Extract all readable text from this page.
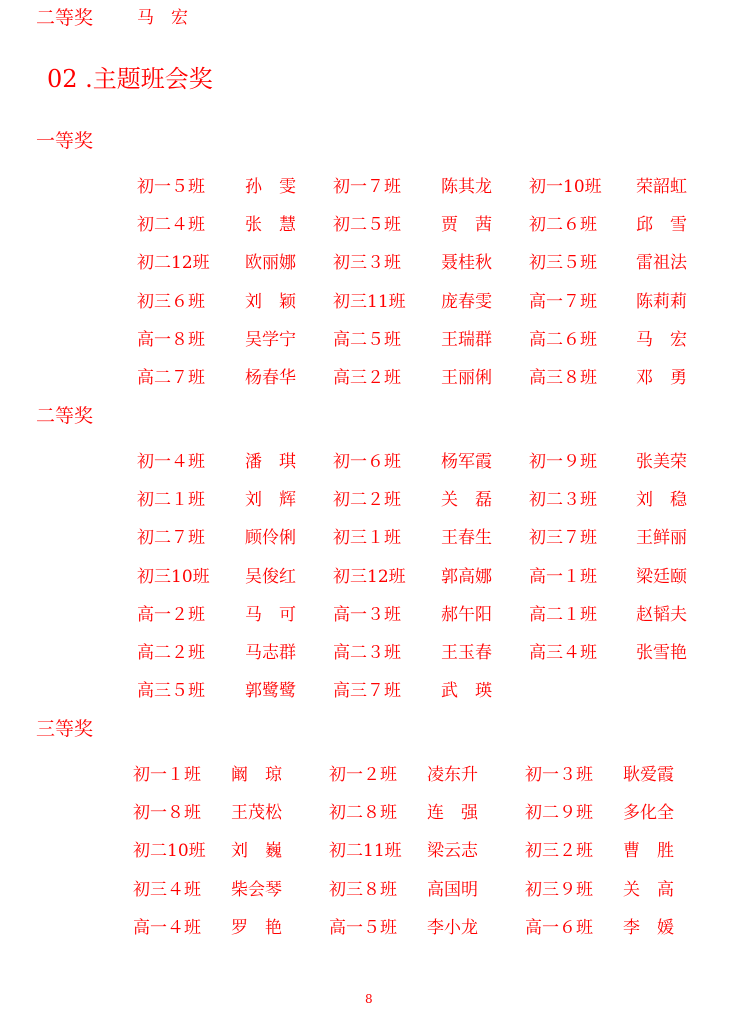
二等奖	马　宏
02 .主题班会奖
一等奖
初一５班 孙　雯 初一７班 陈其龙 初一10班 荣韶虹
初二４班 张　慧 初二５班 贾　茜 初二６班 邱　雪
初二12班 欧丽娜 初三３班 聂桂秋 初三５班 雷祖法
初三６班 刘　颖 初三11班 庞春雯 高一７班 陈莉莉
高一８班 吴学宁 高二５班 王瑞群 高二６班 马　宏
高二７班 杨春华 高三２班 王丽俐 高三８班 邓　勇
二等奖
初一４班 潘　琪 初一６班 杨军霞 初一９班 张美荣
初二１班 刘　辉 初二２班 关　磊 初二３班 刘　稳
初二７班 顾伶俐 初三１班 王春生 初三７班 王鲜丽
初三10班 吴俊红 初三12班 郭高娜 高一１班 梁廷颐
高一２班 马　可 高一３班 郝午阳 高二１班 赵韬夫
高二２班 马志群 高二３班 王玉春 高三４班 张雪艳
高三５班 郭鹭鹭 高三７班 武　瑛
三等奖
初一１班 阚　琼	初一２班 凌东升	初一３班 耿爱霞
初一８班 王茂松	初二８班 连　强	初二９班 多化全
初二10班 刘　巍	初二11班 梁云志	初三２班 曹　胜
初三４班 柴会琴	初三８班 高国明	初三９班 关　高
高一４班 罗　艳	高一５班 李小龙	高一６班 李　媛
8
